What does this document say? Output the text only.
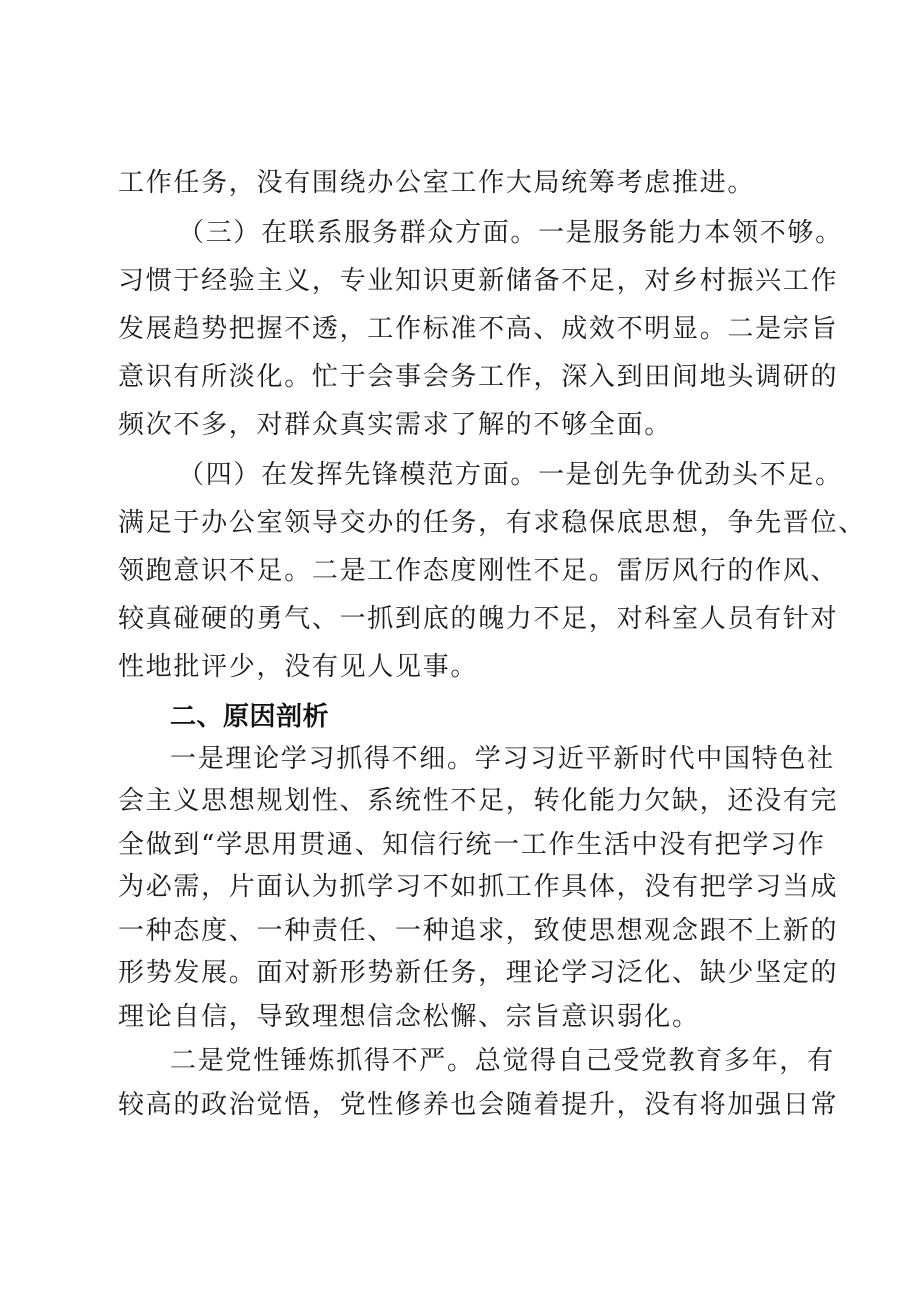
工作任务，没有围绕办公室工作大局统筹考虑推进。
（三）在联系服务群众方面。一是服务能力本领不够。
习惯于经验主义，专业知识更新储备不足，对乡村振兴工作
发展趋势把握不透，工作标准不高、成效不明显。二是宗旨
意识有所淡化。忙于会事会务工作，深入到田间地头调研的
频次不多，对群众真实需求了解的不够全面。
（四）在发挥先锋模范方面。一是创先争优劲头不足。
满足于办公室领导交办的任务，有求稳保底思想，争先晋位、
领跑意识不足。二是工作态度刚性不足。雷厉风行的作风、
较真碰硬的勇气、一抓到底的魄力不足，对科室人员有针对
性地批评少，没有见人见事。
二、原因剖析
一是理论学习抓得不细。学习习近平新时代中国特色社
会主义思想规划性、系统性不足，转化能力欠缺，还没有完
全做到“学思用贯通、知信行统一工作生活中没有把学习作
为必需，片面认为抓学习不如抓工作具体，没有把学习当成
一种态度、一种责任、一种追求，致使思想观念跟不上新的
形势发展。面对新形势新任务，理论学习泛化、缺少坚定的
理论自信，导致理想信念松懈、宗旨意识弱化。
二是党性锤炼抓得不严。总觉得自己受党教育多年，有
较高的政治觉悟，党性修养也会随着提升，没有将加强日常
